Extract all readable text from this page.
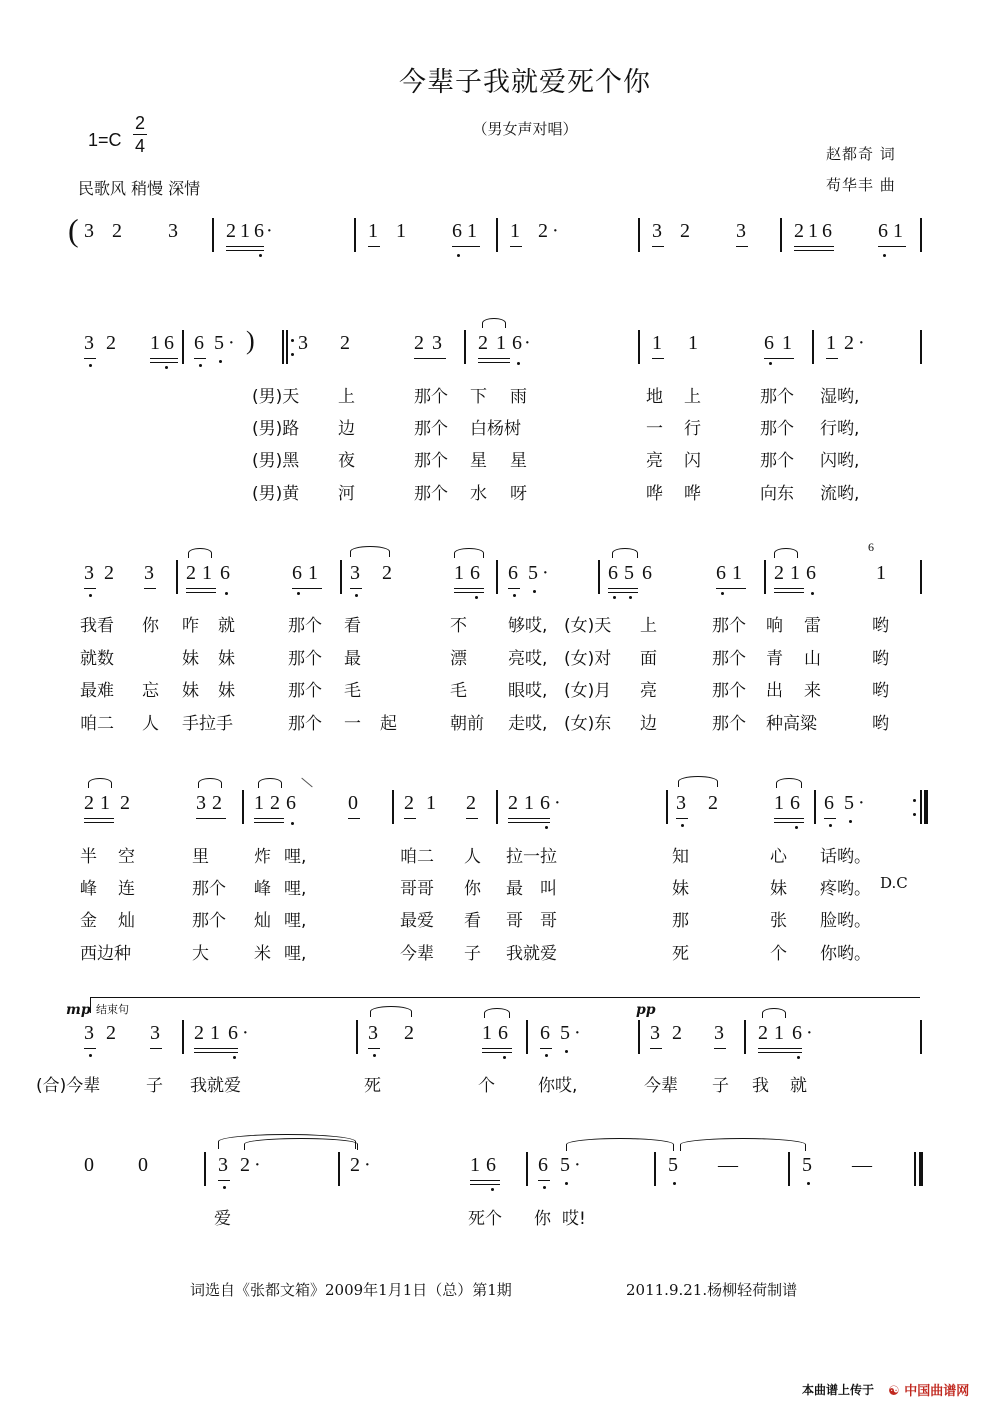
今辈子我就爱死个你
（男女声对唱）
1=C
2
4
民歌风 稍慢 深情
赵都奇 词
苟华丰 曲
( 3 2 3 2 1 6 ·	1 1 6 1 1 2 ·	3 2 3 2 1 6 6 1
3 2 1 6 6 5 · ) 3 2	2 3 2 1 6 ·	1 1	6 1 1 2 ·
(男)天 上	那个 下 雨	地 上	那个 湿哟,
(男)路 边	那个 白杨树	一 行	那个 行哟,
(男)黑 夜	那个 星 星	亮 闪	那个 闪哟,
(男)黄 河	那个 水 呀	哗 哗	向东 流哟,
3 2 3 2 1 6	6 1 3 2	1 6 6 5 ·	6 5 6	6 1 2 1 6
6
1
我看 你 咋 就	那个 看	不 够哎, (女)天 上	那个 响 雷	哟
就数	妹 妹	那个 最	漂 亮哎, (女)对 面	那个 青 山	哟
最难 忘 妹 妹	那个 毛	毛 眼哎, (女)月 亮	那个 出 来	哟
咱二 人 手拉手	那个 一 起	朝前 走哎, (女)东 边	那个 种高粱	哟
2 1 2	3 2 1 2 6	0 2 1 2 2 1 6 ·	3 2	1 6 6 5 ·
半 空	里	炸 哩,	咱二 人 拉一拉	知	心 话哟。
峰 连	那个 峰 哩,	哥哥 你 最 叫	妹	妹 疼哟。 D.C
金 灿	那个 灿 哩,	最爱 看 哥 哥	那	张 脸哟。
西边种	大	米 哩,	今辈 子 我就爱	死	个 你哟。
结束句
mp	pp
3 2 3 2 1 6 ·	3 2	1 6 6 5 ·	3 2 3 2 1 6 ·
(合)今辈	子 我就爱	死	个	你哎,	今辈 子 我 就
0 0	3 2 ·	2 ·	1 6 6 5 ·	5 —	5 —
爱	死个 你 哎!
词选自《张都文箱》2009年1月1日（总）第1期	2011.9.21.杨柳轻荷制谱
本曲谱上传于 ☯ 中国曲谱网
